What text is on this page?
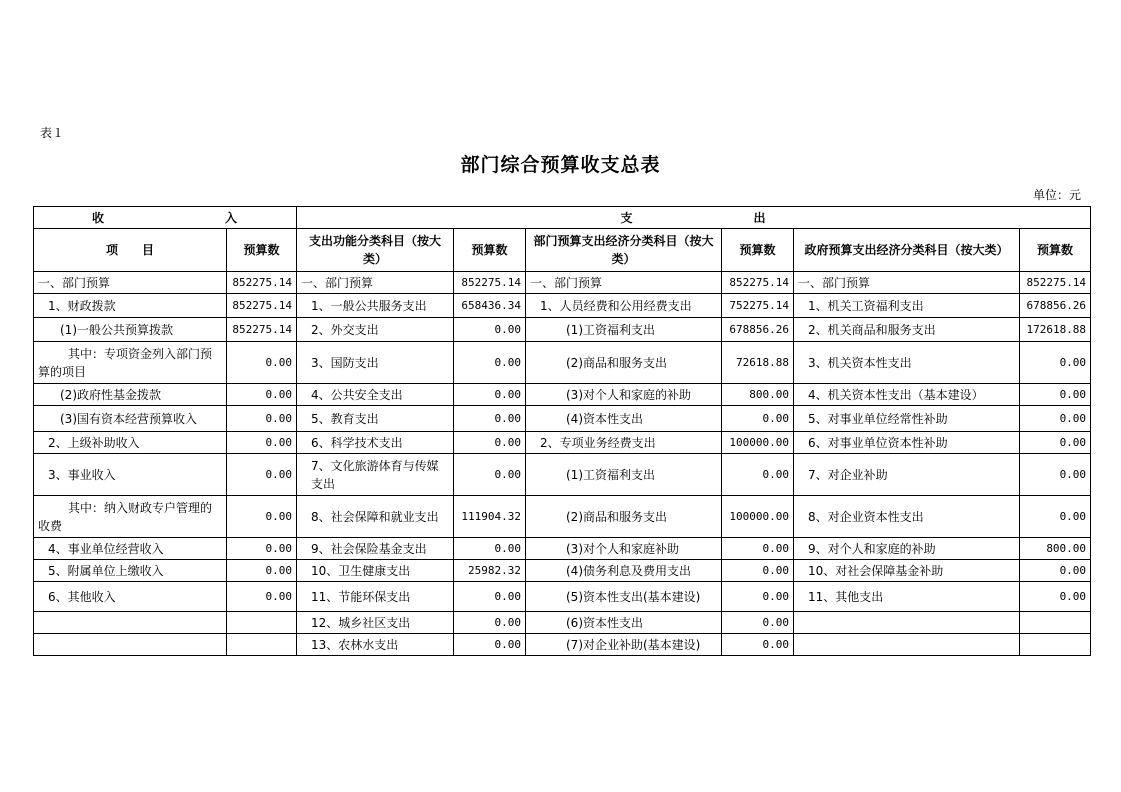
表１
部门综合预算收支总表
单位：元
收 入		支 出					
项　　目	预算数	支出功能分类科目（按大类）	预算数	部门预算支出经济分类科目（按大类）	预算数	政府预算支出经济分类科目（按大类）	预算数
一、部门预算	852275.14	一、部门预算	852275.14	一、部门预算	852275.14	一、部门预算	852275.14
1、财政拨款	852275.14	1、一般公共服务支出	658436.34	1、人员经费和公用经费支出	752275.14	1、机关工资福利支出	678856.26
(1)一般公共预算拨款	852275.14	2、外交支出	0.00	(1)工资福利支出	678856.26	2、机关商品和服务支出	172618.88
其中：专项资金列入部门预算的项目	0.00	3、国防支出	0.00	(2)商品和服务支出	72618.88	3、机关资本性支出	0.00
(2)政府性基金拨款	0.00	4、公共安全支出	0.00	(3)对个人和家庭的补助	800.00	4、机关资本性支出（基本建设）	0.00
(3)国有资本经营预算收入	0.00	5、教育支出	0.00	(4)资本性支出	0.00	5、对事业单位经常性补助	0.00
2、上级补助收入	0.00	6、科学技术支出	0.00	2、专项业务经费支出	100000.00	6、对事业单位资本性补助	0.00
3、事业收入	0.00	7、文化旅游体育与传媒支出	0.00	(1)工资福利支出	0.00	7、对企业补助	0.00
其中：纳入财政专户管理的收费	0.00	8、社会保障和就业支出	111904.32	(2)商品和服务支出	100000.00	8、对企业资本性支出	0.00
4、事业单位经营收入	0.00	9、社会保险基金支出	0.00	(3)对个人和家庭补助	0.00	9、对个人和家庭的补助	800.00
5、附属单位上缴收入	0.00	10、卫生健康支出	25982.32	(4)债务利息及费用支出	0.00	10、对社会保障基金补助	0.00
6、其他收入	0.00	11、节能环保支出	0.00	(5)资本性支出(基本建设)	0.00	11、其他支出	0.00
		12、城乡社区支出	0.00	(6)资本性支出	0.00		
		13、农林水支出	0.00	(7)对企业补助(基本建设)	0.00		
